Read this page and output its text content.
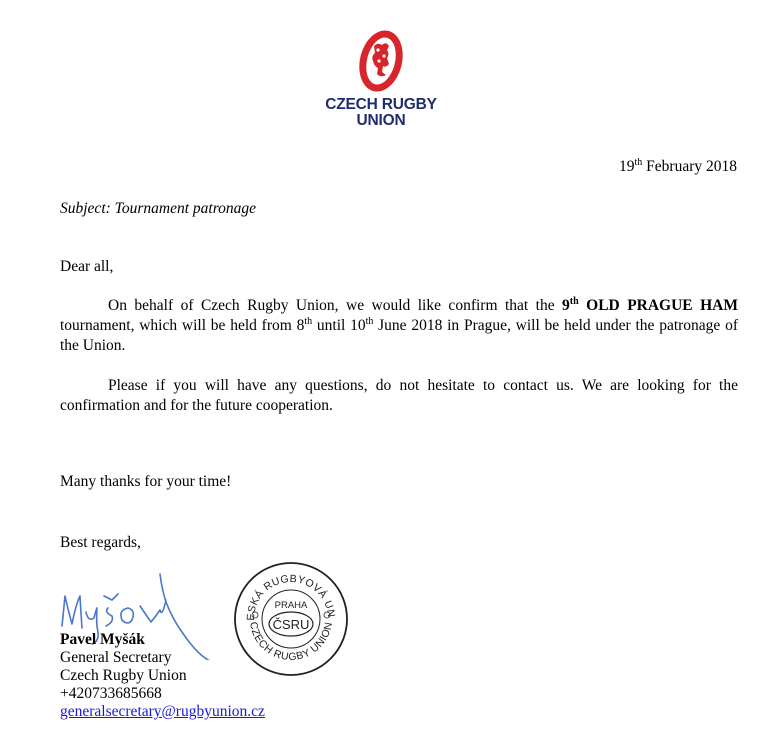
CZECH RUGBY
UNION
19th February 2018
Subject: Tournament patronage
Dear all,
On behalf of Czech Rugby Union, we would like confirm that the 9th OLD PRAGUE HAM tournament, which will be held from 8th until 10th June 2018 in Prague, will be held under the patronage of the Union.
Please if you will have any questions, do not hesitate to contact us. We are looking for the confirmation and for the future cooperation.
Many thanks for your time!
Best regards,
Pavel Myšák
General Secretary
Czech Rugby Union
+420733685668
generalsecretary@rugbyunion.cz
ESKÁ RUGBYOVÁ UN
CZECH RUGBY UNION
PRAHA
ČSRU
